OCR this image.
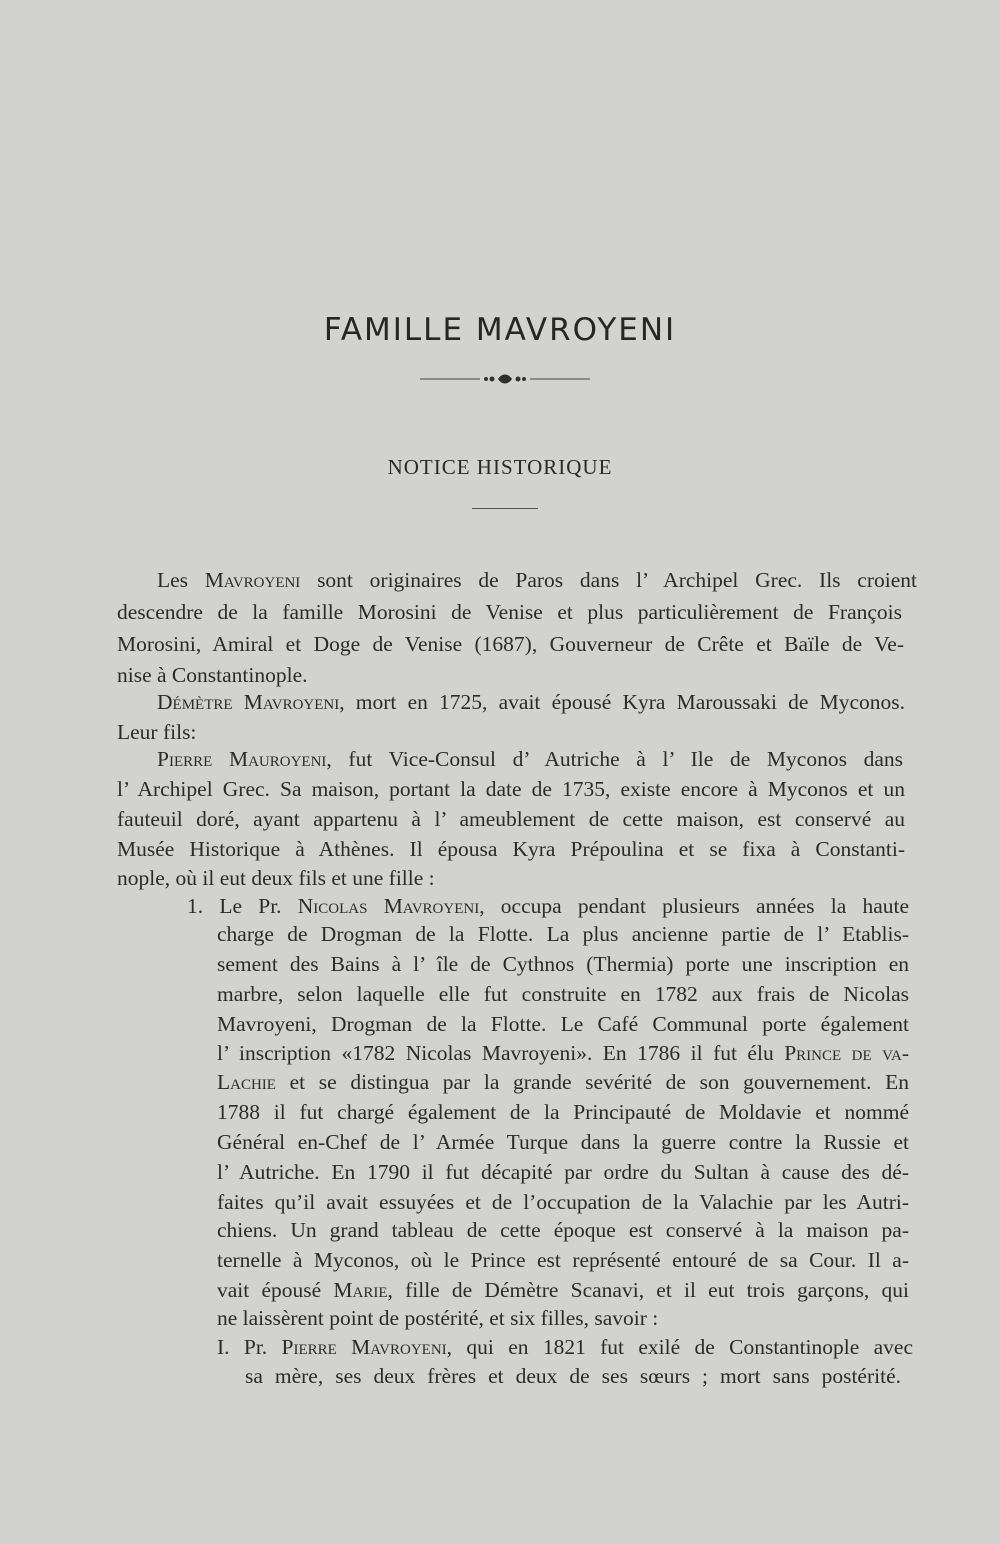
FAMILLE MAVROYENI
NOTICE HISTORIQUE
Les Mavroyeni sont originaires de Paros dans l’ Archipel Grec. Ils croient
descendre de la famille Morosini de Venise et plus particulièrement de François
Morosini, Amiral et Doge de Venise (1687), Gouverneur de Crête et Baïle de Ve-
nise à Constantinople.
Démètre Mavroyeni, mort en 1725, avait épousé Kyra Maroussaki de Myconos.
Leur fils:
Pierre Mauroyeni, fut Vice-Consul d’ Autriche à l’ Ile de Myconos dans
l’ Archipel Grec. Sa maison, portant la date de 1735, existe encore à Myconos et un
fauteuil doré, ayant appartenu à l’ ameublement de cette maison, est conservé au
Musée Historique à Athènes. Il épousa Kyra Prépoulina et se fixa à Constanti-
nople, où il eut deux fils et une fille :
1. Le Pr. Nicolas Mavroyeni, occupa pendant plusieurs années la haute
charge de Drogman de la Flotte. La plus ancienne partie de l’ Etablis-
sement des Bains à l’ île de Cythnos (Thermia) porte une inscription en
marbre, selon laquelle elle fut construite en 1782 aux frais de Nicolas
Mavroyeni, Drogman de la Flotte. Le Café Communal porte également
l’ inscription «1782 Nicolas Mavroyeni». En 1786 il fut élu Prince de va-
Lachie et se distingua par la grande sevérité de son gouvernement. En
1788 il fut chargé également de la Principauté de Moldavie et nommé
Général en-Chef de l’ Armée Turque dans la guerre contre la Russie et
l’ Autriche. En 1790 il fut décapité par ordre du Sultan à cause des dé-
faites qu’il avait essuyées et de l’occupation de la Valachie par les Autri-
chiens. Un grand tableau de cette époque est conservé à la maison pa-
ternelle à Myconos, où le Prince est représenté entouré de sa Cour. Il a-
vait épousé Marie, fille de Démètre Scanavi, et il eut trois garçons, qui
ne laissèrent point de postérité, et six filles, savoir :
I. Pr. Pierre Mavroyeni, qui en 1821 fut exilé de Constantinople avec
sa mère, ses deux frères et deux de ses sœurs ; mort sans postérité.
